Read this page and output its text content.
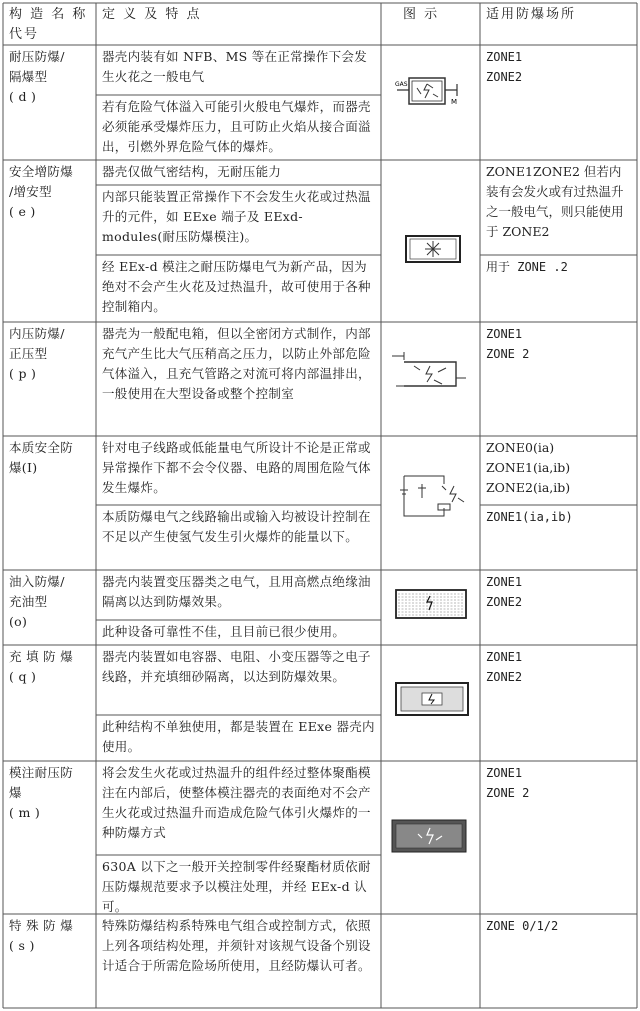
构 造 名 称
代号
定 义 及 特 点	图 示	适用防爆场所
耐压防爆/
隔爆型
( d )
器壳内装有如 NFB、MS 等在正常操作下会发生火花之一般电气
若有危险气体溢入可能引火般电气爆炸，而器壳必须能承受爆炸压力，且可防止火焰从接合面溢出，引燃外界危险气体的爆炸。
ZONE1
ZONE2
安全增防爆
/增安型
( e )
器壳仅做气密结构，无耐压能力
内部只能装置正常操作下不会发生火花或过热温升的元件，如 EExe 端子及 EExd-modules(耐压防爆模注)。
经 EEx-d 模注之耐压防爆电气为新产品，因为绝对不会产生火花及过热温升，故可使用于各种控制箱内。
ZONE1ZONE2 但若内装有会发火或有过热温升之一般电气，则只能使用于 ZONE2
用于 ZONE .2
内压防爆/
正压型
( p )
器壳为一般配电箱，但以全密闭方式制作，内部充气产生比大气压稍高之压力，以防止外部危险气体溢入，且充气管路之对流可将内部温排出，一般使用在大型设备或整个控制室
ZONE1
ZONE 2
本质安全防
爆(I)
针对电子线路或低能量电气所设计不论是正常或异常操作下都不会令仪器、电路的周围危险气体发生爆炸。
本质防爆电气之线路输出或输入均被设计控制在不足以产生使氢气发生引火爆炸的能量以下。
ZONE0(ia) ZONE1(ia,ib) ZONE2(ia,ib)
ZONE1(ia,ib)
油入防爆/
充油型
(o)
器壳内装置变压器类之电气，且用高燃点绝缘油隔离以达到防爆效果。
此种设备可靠性不佳，且目前已很少使用。
ZONE1
ZONE2
充 填 防 爆
( q )
器壳内装置如电容器、电阻、小变压器等之电子线路，并充填细砂隔离，以达到防爆效果。
此种结构不单独使用，都是装置在 EExe 器壳内使用。
ZONE1
ZONE2
模注耐压防
爆
( m )
将会发生火花或过热温升的组件经过整体聚酯模注在内部后，使整体模注器壳的表面绝对不会产生火花或过热温升而造成危险气体引火爆炸的一种防爆方式
630A 以下之一般开关控制零件经聚酯材质依耐压防爆规范要求予以模注处理，并经 EEx-d 认可。
ZONE1
ZONE 2
特 殊 防 爆
( s )
特殊防爆结构系特殊电气组合或控制方式，依照上列各项结构处理，并须针对该规气设备个别设计适合于所需危险场所使用，且经防爆认可者。
ZONE 0/1/2
GAS
M
